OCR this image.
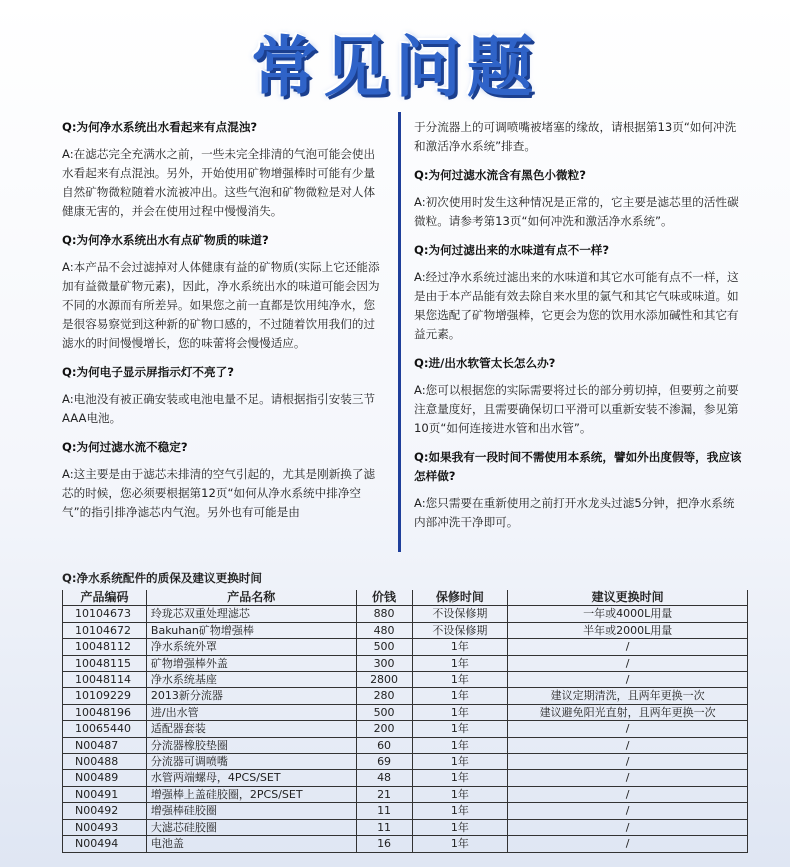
常见问题
Q:为何净水系统出水看起来有点混浊?
A:在滤芯完全充满水之前，一些未完全排清的气泡可能会使出水看起来有点混浊。另外，开始使用矿物增强棒时可能有少量自然矿物微粒随着水流被冲出。这些气泡和矿物微粒是对人体健康无害的，并会在使用过程中慢慢消失。
Q:为何净水系统出水有点矿物质的味道?
A:本产品不会过滤掉对人体健康有益的矿物质(实际上它还能添加有益微量矿物元素)，因此，净水系统出水的味道可能会因为不同的水源而有所差异。如果您之前一直都是饮用纯净水，您是很容易察觉到这种新的矿物口感的，不过随着饮用我们的过滤水的时间慢慢增长，您的味蕾将会慢慢适应。
Q:为何电子显示屏指示灯不亮了?
A:电池没有被正确安装或电池电量不足。请根据指引安装三节AAA电池。
Q:为何过滤水流不稳定?
A:这主要是由于滤芯未排清的空气引起的，尤其是刚新换了滤芯的时候，您必须要根据第12页“如何从净水系统中排净空气”的指引排净滤芯内气泡。另外也有可能是由
于分流器上的可调喷嘴被堵塞的缘故，请根据第13页“如何冲洗和激活净水系统”排查。
Q:为何过滤水流含有黑色小微粒?
A:初次使用时发生这种情况是正常的，它主要是滤芯里的活性碳微粒。请参考第13页“如何冲洗和激活净水系统”。
Q:为何过滤出来的水味道有点不一样?
A:经过净水系统过滤出来的水味道和其它水可能有点不一样，这是由于本产品能有效去除自来水里的氯气和其它气味或味道。如果您选配了矿物增强棒，它更会为您的饮用水添加碱性和其它有益元素。
Q:进/出水软管太长怎么办?
A:您可以根据您的实际需要将过长的部分剪切掉，但要剪之前要注意量度好，且需要确保切口平滑可以重新安装不渗漏，参见第10页“如何连接进水管和出水管”。
Q:如果我有一段时间不需使用本系统，譬如外出度假等，我应该怎样做?
A:您只需要在重新使用之前打开水龙头过滤5分钟，把净水系统内部冲洗干净即可。
Q:净水系统配件的质保及建议更换时间
产品编码	产品名称	价钱	保修时间	建议更换时间
10104673	玲珑芯双重处理滤芯	880	不设保修期	一年或4000L用量
10104672	Bakuhan矿物增强棒	480	不设保修期	半年或2000L用量
10048112	净水系统外罩	500	1年	/
10048115	矿物增强棒外盖	300	1年	/
10048114	净水系统基座	2800	1年	/
10109229	2013新分流器	280	1年	建议定期清洗，且两年更换一次
10048196	进/出水管	500	1年	建议避免阳光直射，且两年更换一次
10065440	适配器套装	200	1年	/
N00487	分流器橡胶垫圈	60	1年	/
N00488	分流器可调喷嘴	69	1年	/
N00489	水管两端螺母，4PCS/SET	48	1年	/
N00491	增强棒上盖硅胶圈，2PCS/SET	21	1年	/
N00492	增强棒硅胶圈	11	1年	/
N00493	大滤芯硅胶圈	11	1年	/
N00494	电池盖	16	1年	/
